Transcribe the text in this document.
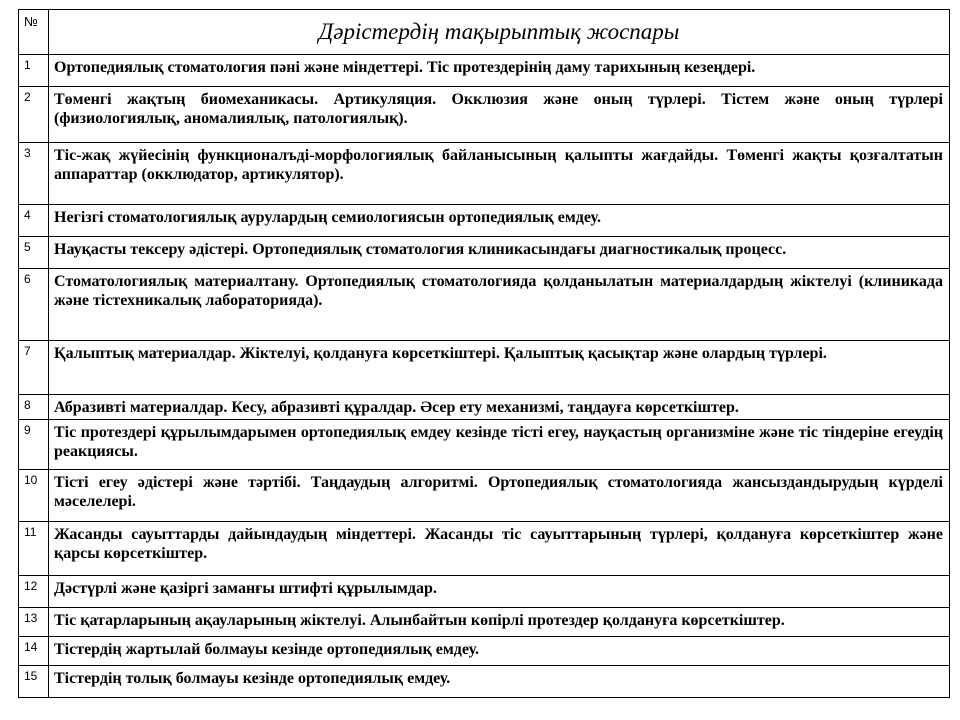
№	Дәрістердің тақырыптық жоспары
1	Ортопедиялық стоматология пәні және міндеттері. Тіс протездерінің даму тарихының кезеңдері.
2	Төменгі жақтың биомеханикасы. Артикуляция. Окклюзия және оның түрлері. Тістем және оның түрлері (физиологиялық, аномалиялық, патологиялық).
3	Тіс-жақ жүйесінің функционалъді-морфологиялық байланысының қалыпты жағдайды. Төменгі жақты қозғалтатын аппараттар (окклюдатор, артикулятор).
4	Негізгі стоматологиялық аурулардың семиологиясын ортопедиялық емдеу.
5	Науқасты тексеру әдістері. Ортопедиялық стоматология клиникасындағы диагностикалық процесс.
6	Стоматологиялық материалтану. Ортопедиялық стоматологияда қолданылатын материалдардың жіктелуі (клиникада және тістехникалық лабораторияда).
7	Қалыптық материалдар. Жіктелуі, қолдануға көрсеткіштері. Қалыптық қасықтар және олардың түрлері.
8	Абразивті материалдар. Кесу, абразивті құралдар. Әсер ету механизмі, таңдауға көрсеткіштер.
9	Тіс протездері құрылымдарымен ортопедиялық емдеу кезінде тісті егеу, науқастың организміне және тіс тіндеріне егеудің реакциясы.
10	Тісті егеу әдістері және тәртібі. Таңдаудың алгоритмі. Ортопедиялық стоматологияда жансыздандырудың күрделі мәселелері.
11	Жасанды сауыттарды дайындаудың міндеттері. Жасанды тіс сауыттарының түрлері, қолдануға көрсеткіштер және қарсы көрсеткіштер.
12	Дәстүрлі және қазіргі заманғы штифті құрылымдар.
13	Тіс қатарларының ақауларының жіктелуі. Алынбайтын көпірлі протездер қолдануға көрсеткіштер.
14	Тістердің жартылай болмауы кезінде ортопедиялық емдеу.
15	Тістердің толық болмауы кезінде ортопедиялық емдеу.
